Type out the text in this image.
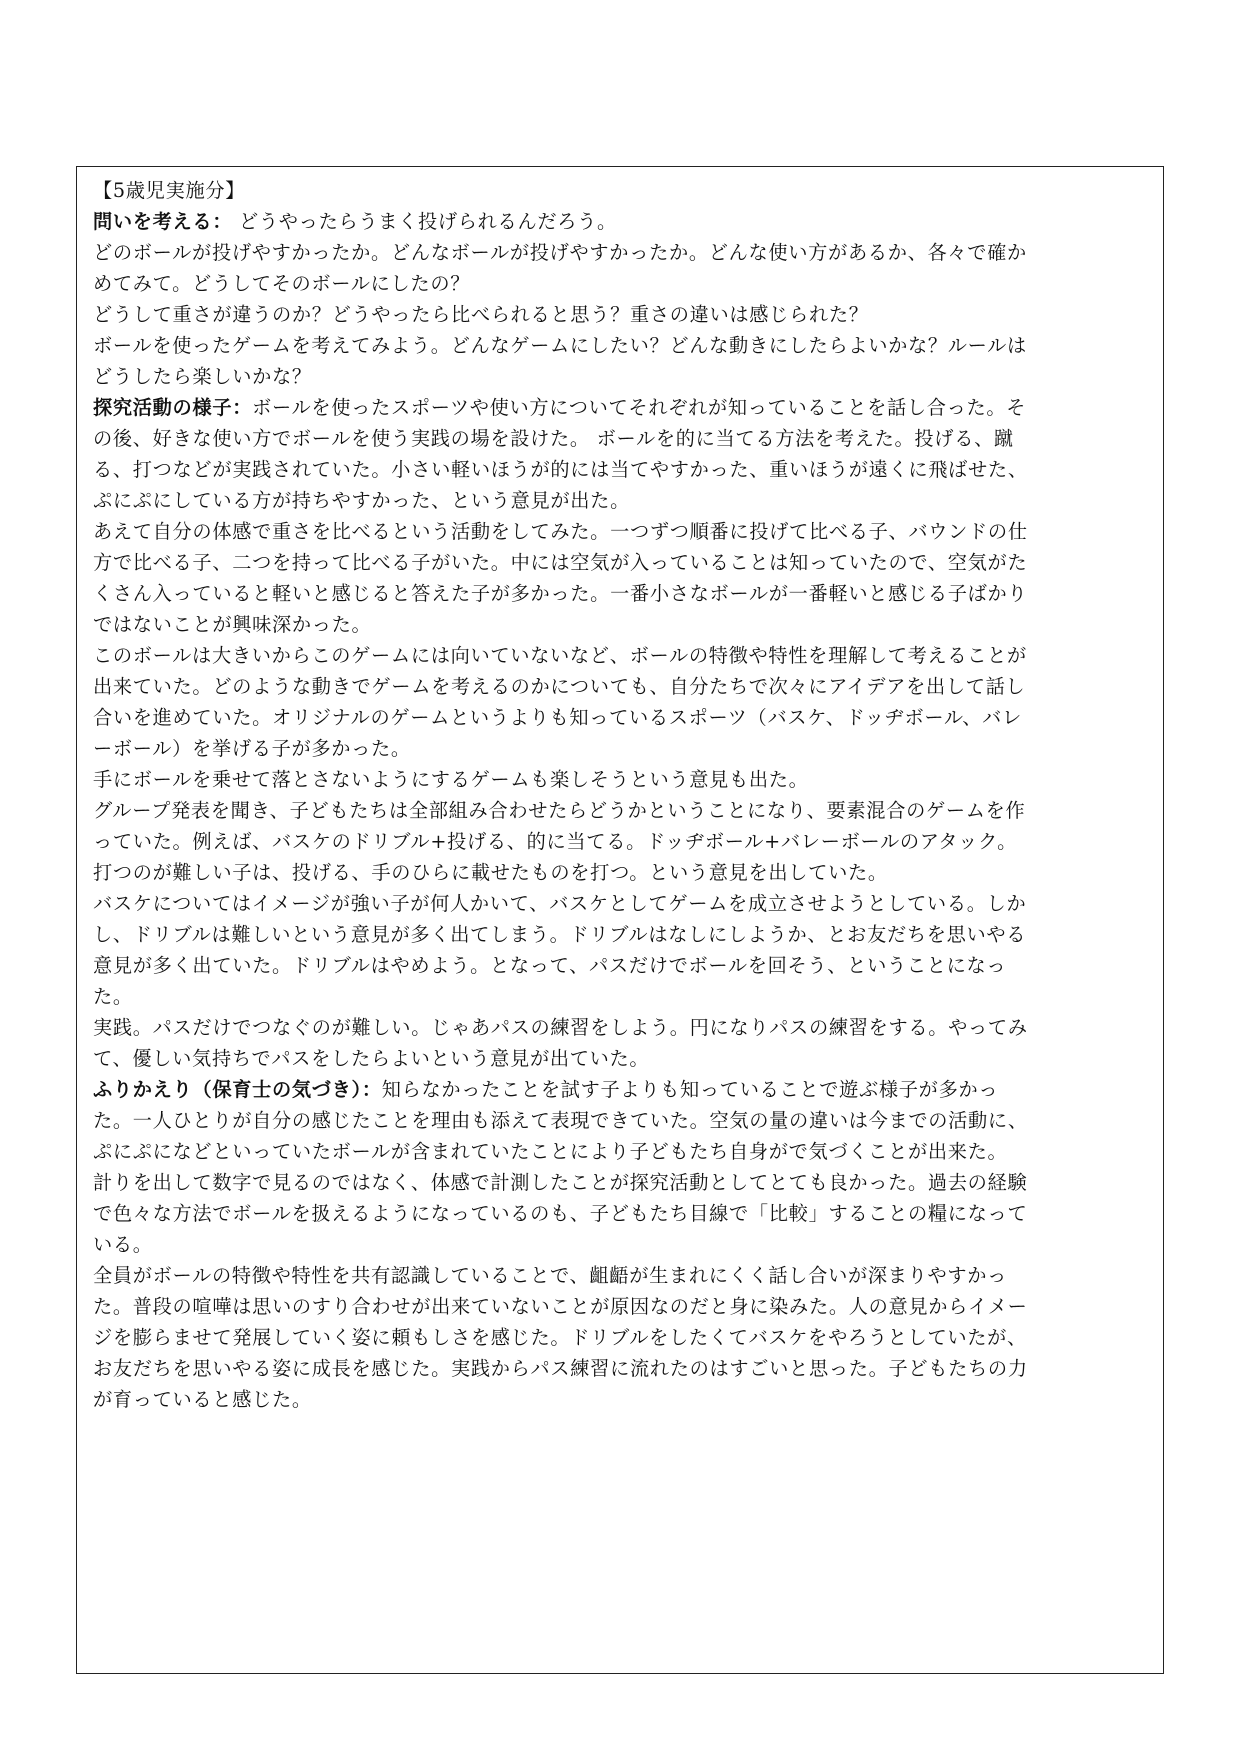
【5歳児実施分】
問いを考える： どうやったらうまく投げられるんだろう。
どのボールが投げやすかったか。どんなボールが投げやすかったか。どんな使い方があるか、各々で確か
めてみて。どうしてそのボールにしたの？
どうして重さが違うのか？どうやったら比べられると思う？重さの違いは感じられた？
ボールを使ったゲームを考えてみよう。どんなゲームにしたい？どんな動きにしたらよいかな？ルールは
どうしたら楽しいかな？
探究活動の様子：ボールを使ったスポーツや使い方についてそれぞれが知っていることを話し合った。そ
の後、好きな使い方でボールを使う実践の場を設けた。 ボールを的に当てる方法を考えた。投げる、蹴
る、打つなどが実践されていた。小さい軽いほうが的には当てやすかった、重いほうが遠くに飛ばせた、
ぷにぷにしている方が持ちやすかった、という意見が出た。
あえて自分の体感で重さを比べるという活動をしてみた。一つずつ順番に投げて比べる子、バウンドの仕
方で比べる子、二つを持って比べる子がいた。中には空気が入っていることは知っていたので、空気がた
くさん入っていると軽いと感じると答えた子が多かった。一番小さなボールが一番軽いと感じる子ばかり
ではないことが興味深かった。
このボールは大きいからこのゲームには向いていないなど、ボールの特徴や特性を理解して考えることが
出来ていた。どのような動きでゲームを考えるのかについても、自分たちで次々にアイデアを出して話し
合いを進めていた。オリジナルのゲームというよりも知っているスポーツ（バスケ、ドッヂボール、バレ
ーボール）を挙げる子が多かった。
手にボールを乗せて落とさないようにするゲームも楽しそうという意見も出た。
グループ発表を聞き、子どもたちは全部組み合わせたらどうかということになり、要素混合のゲームを作
っていた。例えば、バスケのドリブル+投げる、的に当てる。ドッヂボール+バレーボールのアタック。
打つのが難しい子は、投げる、手のひらに載せたものを打つ。という意見を出していた。
バスケについてはイメージが強い子が何人かいて、バスケとしてゲームを成立させようとしている。しか
し、ドリブルは難しいという意見が多く出てしまう。ドリブルはなしにしようか、とお友だちを思いやる
意見が多く出ていた。ドリブルはやめよう。となって、パスだけでボールを回そう、ということになっ
た。
実践。パスだけでつなぐのが難しい。じゃあパスの練習をしよう。円になりパスの練習をする。やってみ
て、優しい気持ちでパスをしたらよいという意見が出ていた。
ふりかえり（保育士の気づき）：知らなかったことを試す子よりも知っていることで遊ぶ様子が多かっ
た。一人ひとりが自分の感じたことを理由も添えて表現できていた。空気の量の違いは今までの活動に、
ぷにぷになどといっていたボールが含まれていたことにより子どもたち自身がで気づくことが出来た。
計りを出して数字で見るのではなく、体感で計測したことが探究活動としてとても良かった。過去の経験
で色々な方法でボールを扱えるようになっているのも、子どもたち目線で「比較」することの糧になって
いる。
全員がボールの特徴や特性を共有認識していることで、齟齬が生まれにくく話し合いが深まりやすかっ
た。普段の喧嘩は思いのすり合わせが出来ていないことが原因なのだと身に染みた。人の意見からイメー
ジを膨らませて発展していく姿に頼もしさを感じた。ドリブルをしたくてバスケをやろうとしていたが、
お友だちを思いやる姿に成長を感じた。実践からパス練習に流れたのはすごいと思った。子どもたちの力
が育っていると感じた。
